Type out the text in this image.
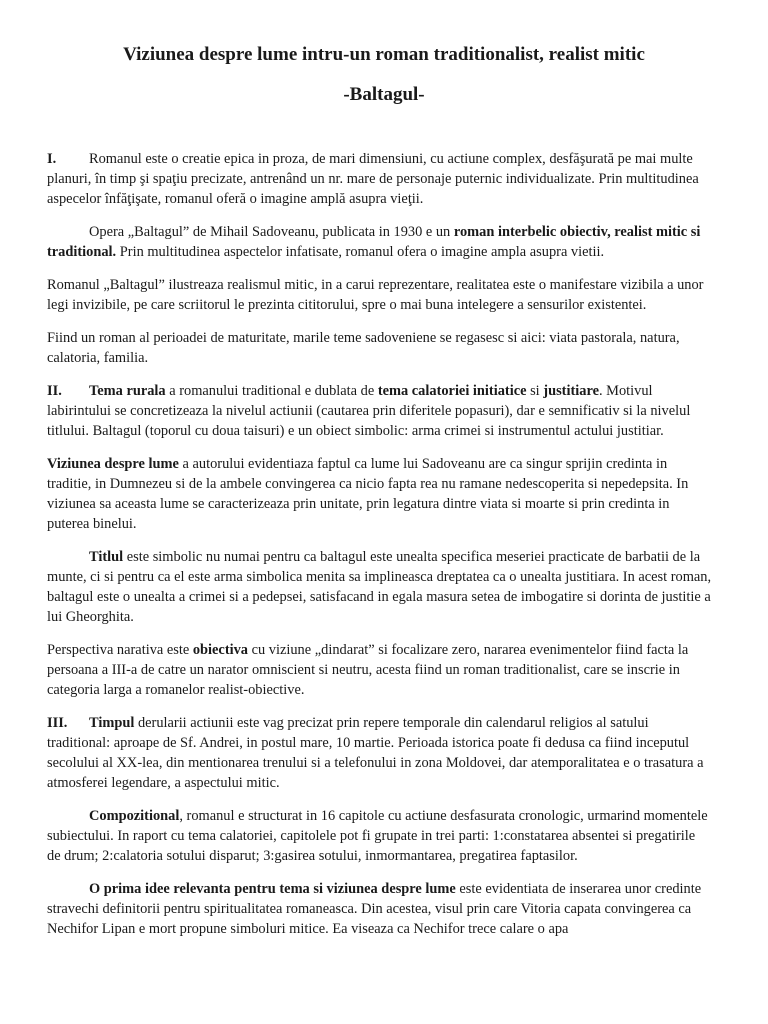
Viziunea despre lume intru-un roman traditionalist, realist mitic
-Baltagul-

I. Romanul este o creatie epica in proza, de mari dimensiuni, cu actiune complex, desfăşurată pe mai multe planuri, în timp şi spaţiu precizate, antrenând un nr. mare de personaje puternic individualizate. Prin multitudinea aspecelor înfăţişate, romanul oferă o imagine amplă asupra vieţii.

Opera „Baltagul” de Mihail Sadoveanu, publicata in 1930 e un roman interbelic obiectiv, realist mitic si traditional. Prin multitudinea aspectelor infatisate, romanul ofera o imagine ampla asupra vietii.

Romanul „Baltagul” ilustreaza realismul mitic, in a carui reprezentare, realitatea este o manifestare vizibila a unor legi invizibile, pe care scriitorul le prezinta cititorului, spre o mai buna intelegere a sensurilor existentei.

Fiind un roman al perioadei de maturitate, marile teme sadoveniene se regasesc si aici: viata pastorala, natura, calatoria, familia.

II. Tema rurala a romanului traditional e dublata de tema calatoriei initiatice si justitiare. Motivul labirintului se concretizeaza la nivelul actiunii (cautarea prin diferitele popasuri), dar e semnificativ si la nivelul titlului. Baltagul (toporul cu doua taisuri) e un obiect simbolic: arma crimei si instrumentul actului justitiar.

Viziunea despre lume a autorului evidentiaza faptul ca lume lui Sadoveanu are ca singur sprijin credinta in traditie, in Dumnezeu si de la ambele convingerea ca nicio fapta rea nu ramane nedescoperita si nepedepsita. In viziunea sa aceasta lume se caracterizeaza prin unitate, prin legatura dintre viata si moarte si prin credinta in puterea binelui.

Titlul este simbolic nu numai pentru ca baltagul este unealta specifica meseriei practicate de barbatii de la munte, ci si pentru ca el este arma simbolica menita sa implineasca dreptatea ca o unealta justitiara. In acest roman, baltagul este o unealta a crimei si a pedepsei, satisfacand in egala masura setea de imbogatire si dorinta de justitie a lui Gheorghita.

Perspectiva narativa este obiectiva cu viziune „dindarat” si focalizare zero, nararea evenimentelor fiind facta la persoana a III-a de catre un narator omniscient si neutru, acesta fiind un roman traditionalist, care se inscrie in categoria larga a romanelor realist-obiective.

III. Timpul derularii actiunii este vag precizat prin repere temporale din calendarul religios al satului traditional: aproape de Sf. Andrei, in postul mare, 10 martie. Perioada istorica poate fi dedusa ca fiind inceputul secolului al XX-lea, din mentionarea trenului si a telefonului in zona Moldovei, dar atemporalitatea e o trasatura a atmosferei legendare, a aspectului mitic.

Compozitional, romanul e structurat in 16 capitole cu actiune desfasurata cronologic, urmarind momentele subiectului. In raport cu tema calatoriei, capitolele pot fi grupate in trei parti: 1:constatarea absentei si pregatirile de drum; 2:calatoria sotului disparut; 3:gasirea sotului, inmormantarea, pregatirea faptasilor.

O prima idee relevanta pentru tema si viziunea despre lume este evidentiata de inserarea unor credinte stravechi definitorii pentru spiritualitatea romaneasca. Din acestea, visul prin care Vitoria capata convingerea ca Nechifor Lipan e mort propune simboluri mitice. Ea viseaza ca Nechifor trece calare o apa
